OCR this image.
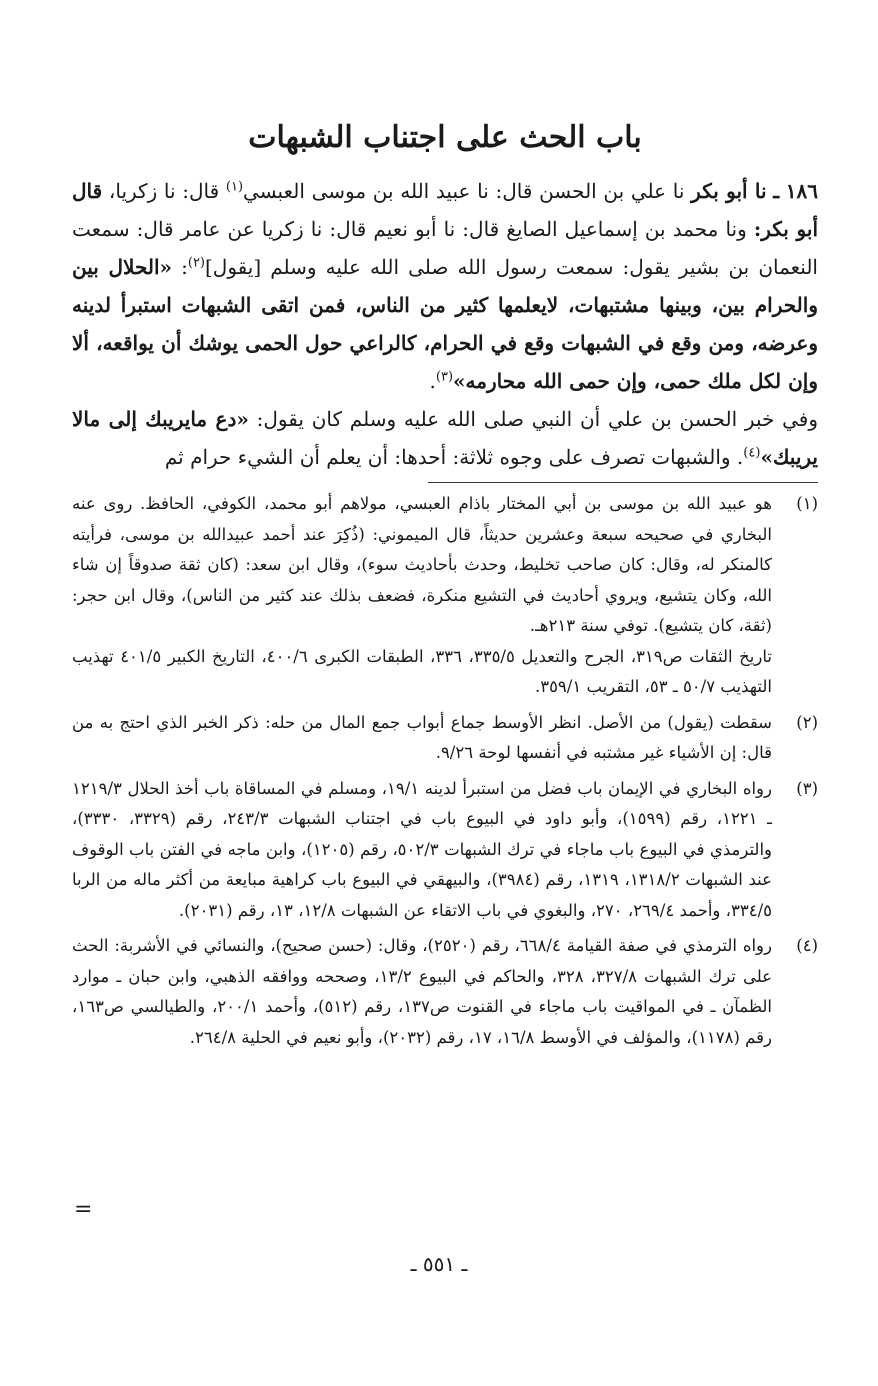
باب الحث على اجتناب الشبهات

١٨٦ ـ نا أبو بكر نا علي بن الحسن قال: نا عبيد الله بن موسى العبسي$^{(١)}$ قال: نا زكريا، قال أبو بكر: ونا محمد بن إسماعيل الصايغ قال: نا أبو نعيم قال: نا زكريا عن عامر قال: سمعت النعمان بن بشير يقول: سمعت رسول الله صلى الله عليه وسلم [يقول]$^{(٢)}$: «الحلال بين والحرام بين، وبينها مشتبهات، لايعلمها كثير من الناس، فمن اتقى الشبهات استبرأ لدينه وعرضه، ومن وقع في الشبهات وقع في الحرام، كالراعي حول الحمى يوشك أن يواقعه، ألا وإن لكل ملك حمى، وإن حمى الله محارمه»$^{(٣)}$.

وفي خبر الحسن بن علي أن النبي صلى الله عليه وسلم كان يقول: «دع مايريبك إلى مالا يريبك»$^{(٤)}$. والشبهات تصرف على وجوه ثلاثة: أحدها: أن يعلم أن الشيء حرام ثم

(١)
هو عبيد الله بن موسى بن أبي المختار باذام العبسي، مولاهم أبو محمد، الكوفي، الحافظ. روى عنه البخاري في صحيحه سبعة وعشرين حديثاً، قال الميموني: (ذُكِرَ عند أحمد عبيدالله بن موسى، فرأيته كالمنكر له، وقال: كان صاحب تخليط، وحدث بأحاديث سوء)، وقال ابن سعد: (كان ثقة صدوقاً إن شاء الله، وكان يتشيع، ويروي أحاديث في التشيع منكرة، فضعف بذلك عند كثير من الناس)، وقال ابن حجر: (ثقة، كان يتشيع). توفي سنة ٢١٣هـ.
تاريخ الثقات ص٣١٩، الجرح والتعديل ٣٣٥/٥، ٣٣٦، الطبقات الكبرى ٤٠٠/٦، التاريخ الكبير ٤٠١/٥ تهذيب التهذيب ٥٠/٧ ـ ٥٣، التقريب ٣٥٩/١.
(٢)
سقطت (يقول) من الأصل. انظر الأوسط جماع أبواب جمع المال من حله: ذكر الخبر الذي احتج به من قال: إن الأشياء غير مشتبه في أنفسها لوحة ٩/٢٦.
(٣)
رواه البخاري في الإيمان باب فضل من استبرأ لدينه ١٩/١، ومسلم في المساقاة باب أخذ الحلال ١٢١٩/٣ ـ ١٢٢١، رقم (١٥٩٩)، وأبو داود في البيوع باب في اجتناب الشبهات ٢٤٣/٣، رقم (٣٣٢٩، ٣٣٣٠)، والترمذي في البيوع باب ماجاء في ترك الشبهات ٥٠٢/٣، رقم (١٢٠٥)، وابن ماجه في الفتن باب الوقوف عند الشبهات ١٣١٨/٢، ١٣١٩، رقم (٣٩٨٤)، والبيهقي في البيوع باب كراهية مبايعة من أكثر ماله من الربا ٣٣٤/٥، وأحمد ٢٦٩/٤، ٢٧٠، والبغوي في باب الاتقاء عن الشبهات ١٢/٨، ١٣، رقم (٢٠٣١).
(٤)
رواه الترمذي في صفة القيامة ٦٦٨/٤، رقم (٢٥٢٠)، وقال: (حسن صحيح)، والنسائي في الأشربة: الحث على ترك الشبهات ٣٢٧/٨، ٣٢٨، والحاكم في البيوع ١٣/٢، وصححه ووافقه الذهبي، وابن حبان ـ موارد الظمآن ـ في المواقيت باب ماجاء في القنوت ص١٣٧، رقم (٥١٢)، وأحمد ٢٠٠/١، والطيالسي ص١٦٣، رقم (١١٧٨)، والمؤلف في الأوسط ١٦/٨، ١٧، رقم (٢٠٣٢)، وأبو نعيم في الحلية ٢٦٤/٨.
=
ـ ٥٥١ ـ
